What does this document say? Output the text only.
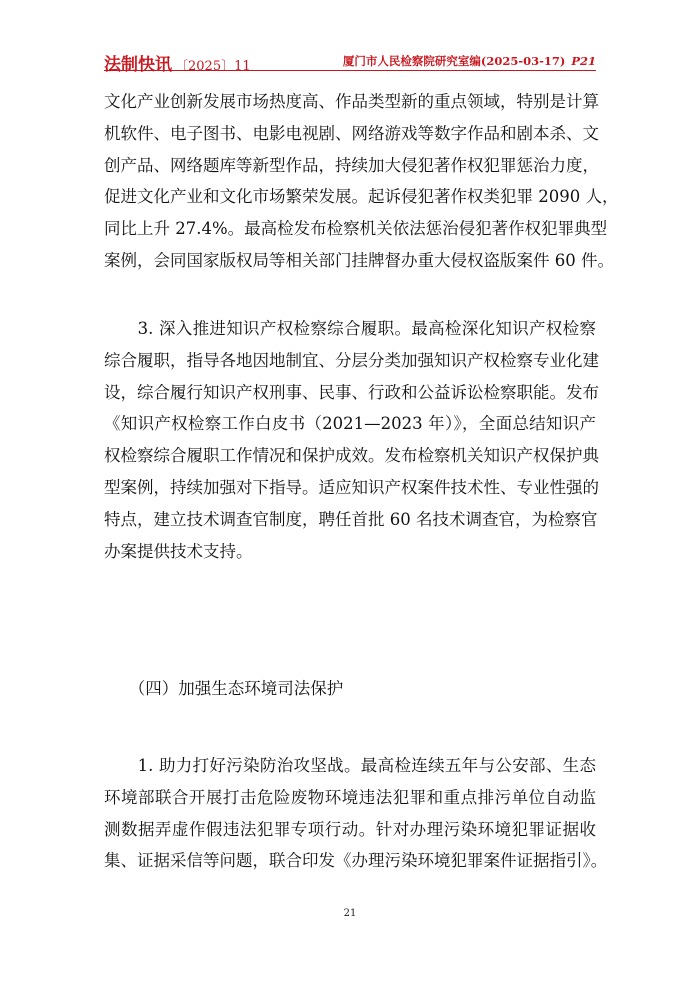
法制快讯 〔2025〕11	厦门市人民检察院研究室编(2025-03-17) P21
文化产业创新发展市场热度高、作品类型新的重点领域，特别是计算
机软件、电子图书、电影电视剧、网络游戏等数字作品和剧本杀、文
创产品、网络题库等新型作品，持续加大侵犯著作权犯罪惩治力度，
促进文化产业和文化市场繁荣发展。起诉侵犯著作权类犯罪 2090 人，
同比上升 27.4%。最高检发布检察机关依法惩治侵犯著作权犯罪典型
案例，会同国家版权局等相关部门挂牌督办重大侵权盗版案件 60 件。
　　3. 深入推进知识产权检察综合履职。最高检深化知识产权检察
综合履职，指导各地因地制宜、分层分类加强知识产权检察专业化建
设，综合履行知识产权刑事、民事、行政和公益诉讼检察职能。发布
《知识产权检察工作白皮书（2021—2023 年）》，全面总结知识产
权检察综合履职工作情况和保护成效。发布检察机关知识产权保护典
型案例，持续加强对下指导。适应知识产权案件技术性、专业性强的
特点，建立技术调查官制度，聘任首批 60 名技术调查官，为检察官
办案提供技术支持。
　　（四）加强生态环境司法保护
　　1. 助力打好污染防治攻坚战。最高检连续五年与公安部、生态
环境部联合开展打击危险废物环境违法犯罪和重点排污单位自动监
测数据弄虚作假违法犯罪专项行动。针对办理污染环境犯罪证据收
集、证据采信等问题，联合印发《办理污染环境犯罪案件证据指引》。
21
